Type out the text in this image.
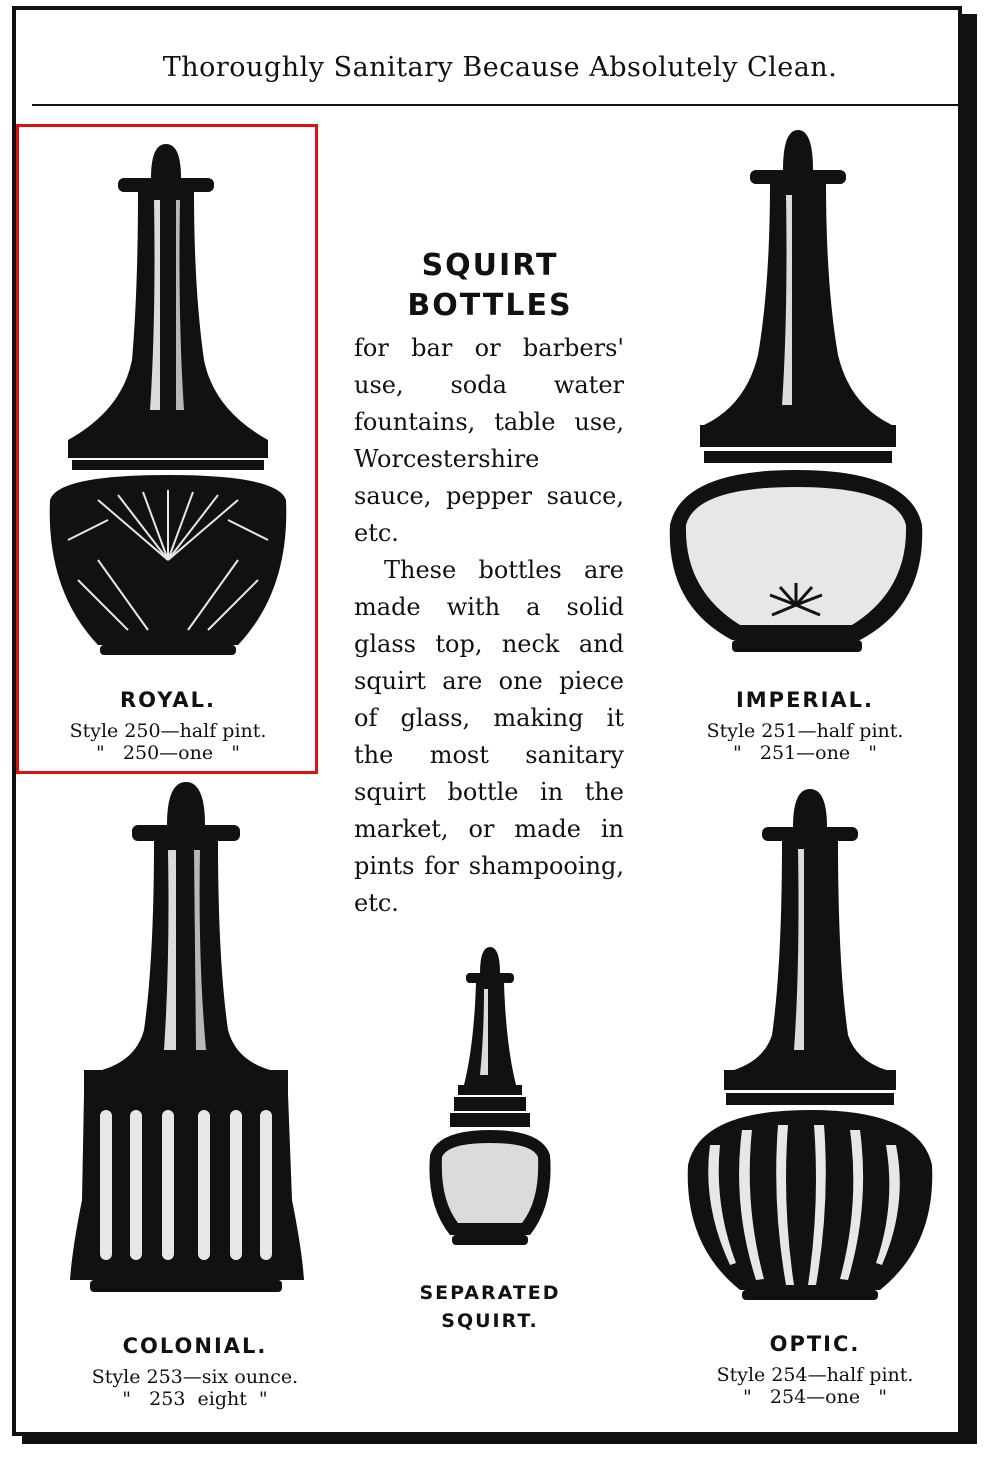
Thoroughly Sanitary Because Absolutely Clean.
ROYAL.
Style 250—half pint.
"   250—one   "
SQUIRT
BOTTLES

for bar or barbers' use, soda water fountains, table use, Worcestershire sauce, pepper sauce, etc.

These bottles are made with a solid glass top, neck and squirt are one piece of glass, making it the most sanitary squirt bottle in the market, or made in pints for shampooing, etc.

IMPERIAL.
Style 251—half pint.
"   251—one   "
COLONIAL.
Style 253—six ounce.
"   253  eight  "
SEPARATED
SQUIRT.
OPTIC.
Style 254—half pint.
"   254—one   "
